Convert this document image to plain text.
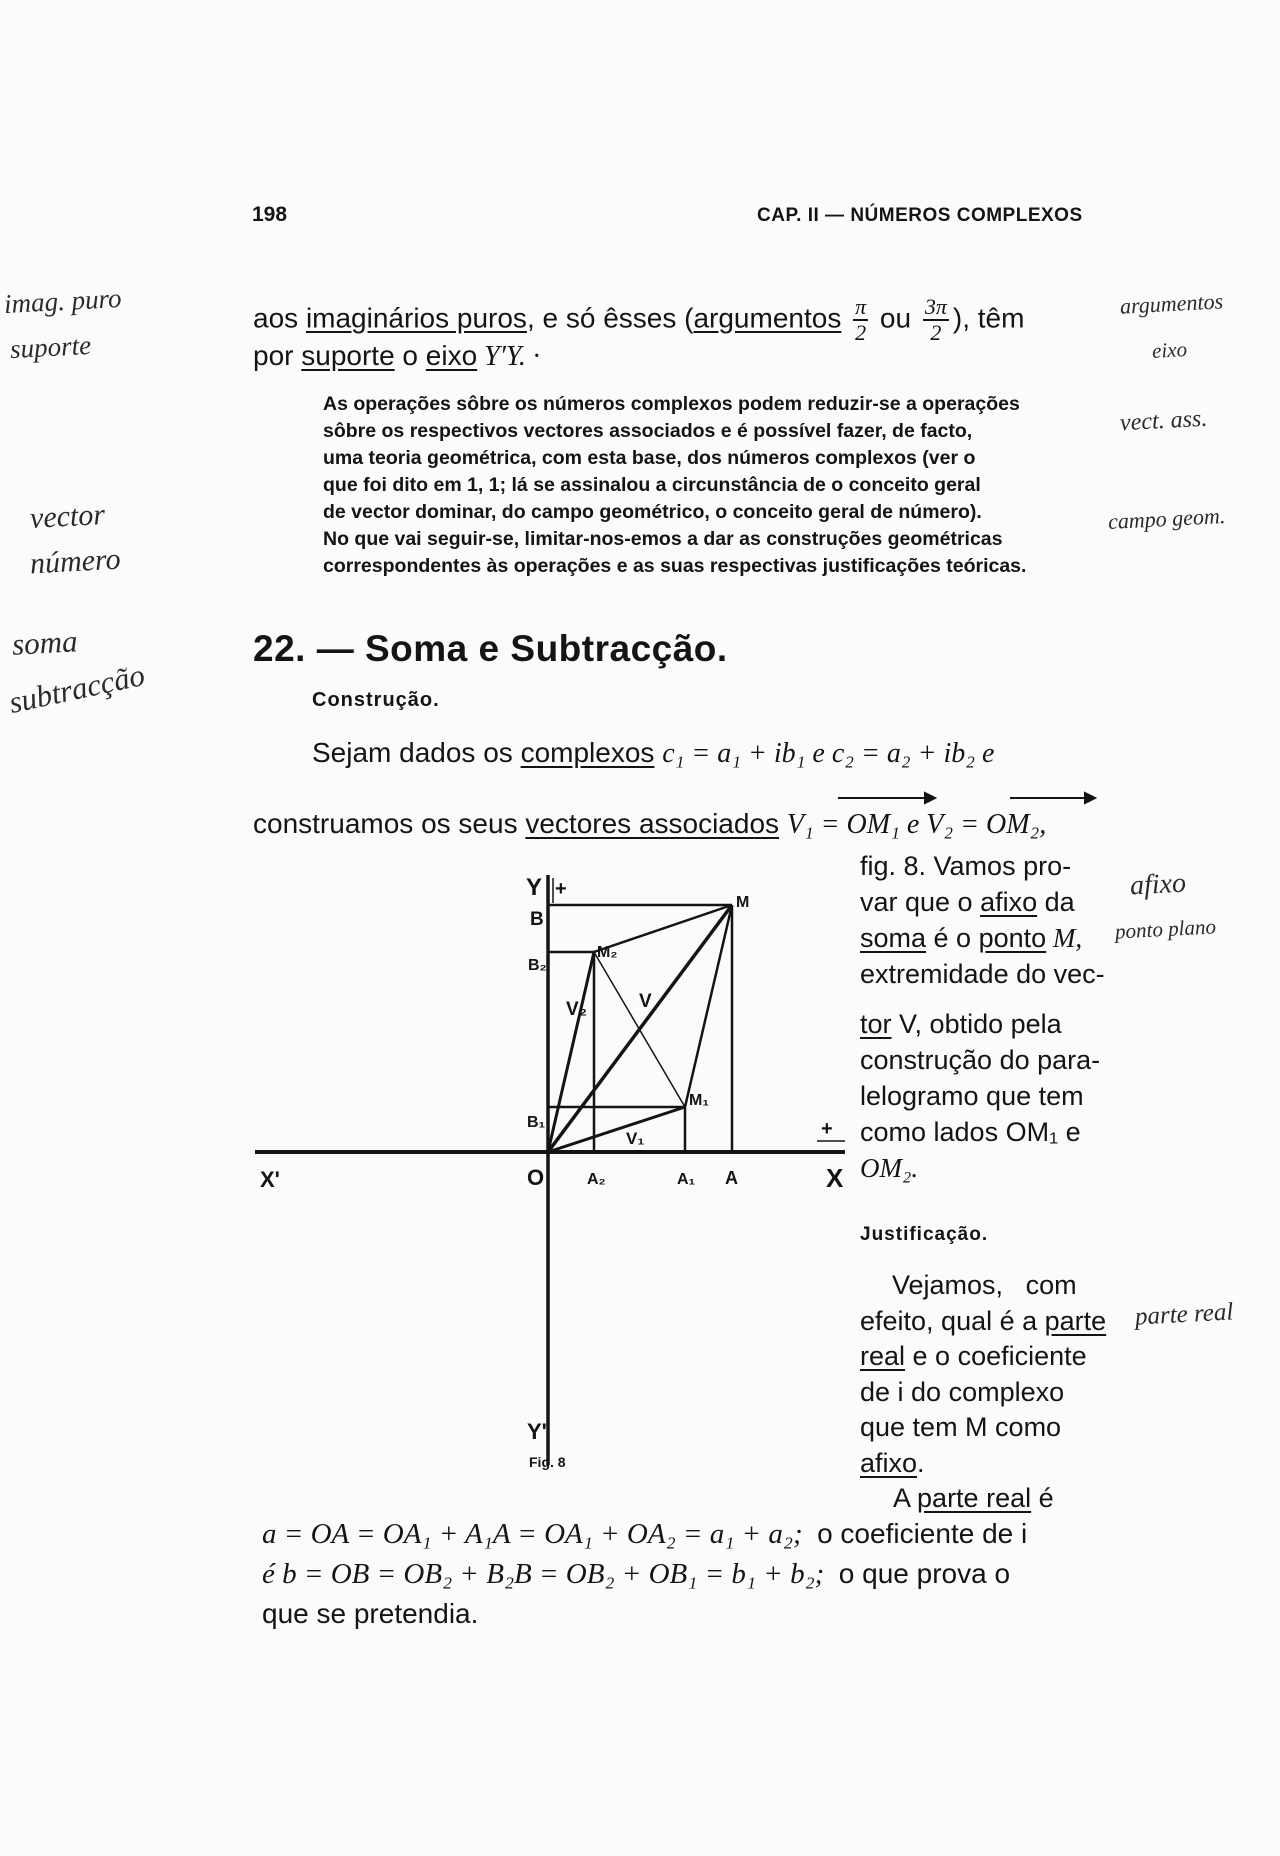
198	CAP. II — NÚMEROS COMPLEXOS
aos imaginários puros, e só êsses (argumentos $\frac{\pi}{2}$ ou $\frac{3\pi}{2}$ ), têm
por suporte o eixo Y′Y. ·
As operações sôbre os números complexos podem reduzir-se a operações
sôbre os respectivos vectores associados e é possível fazer, de facto,
uma teoria geométrica, com esta base, dos números complexos (ver o
que foi dito em 1, 1; lá se assinalou a circunstância de o conceito geral
de vector dominar, do campo geométrico, o conceito geral de número).
No que vai seguir-se, limitar-nos-emos a dar as construções geométricas
correspondentes às operações e as suas respectivas justificações teóricas.
22. — Soma e Subtracção.
Construção.
Sejam dados os complexos c₁ = a₁ + ib₁ e c₂ = a₂ + ib₂ e
construamos os seus vectores associados V₁ = OM₁ e V₂ = OM₂,
Y +
B
M
M₂
B₂
V₂	V
B₁
M₁
V₁	+
X'	O	A₂	A₁ A	X
Y'
Fig. 8
fig. 8. Vamos pro-
var que o afixo da
soma é o ponto M,
extremidade do vec-
tor V, obtido pela
construção do para-
lelogramo que tem
como lados OM₁ e
OM₂.
Justificação.
Vejamos,   com
efeito, qual é a parte
real e o coeficiente
de i do complexo
que tem M como
afixo.
A parte real é
a = OA = OA₁ + A₁A = OA₁ + OA₂ = a₁ + a₂; o coeficiente de i
é b = OB = OB₂ + B₂B = OB₂ + OB₁ = b₁ + b₂; o que prova o
que se pretendia.
imag. puro
suporte
argumentos
eixo
vector
número
soma
subtracção
vect. ass.
campo geom.
afixo
ponto plano
parte real
